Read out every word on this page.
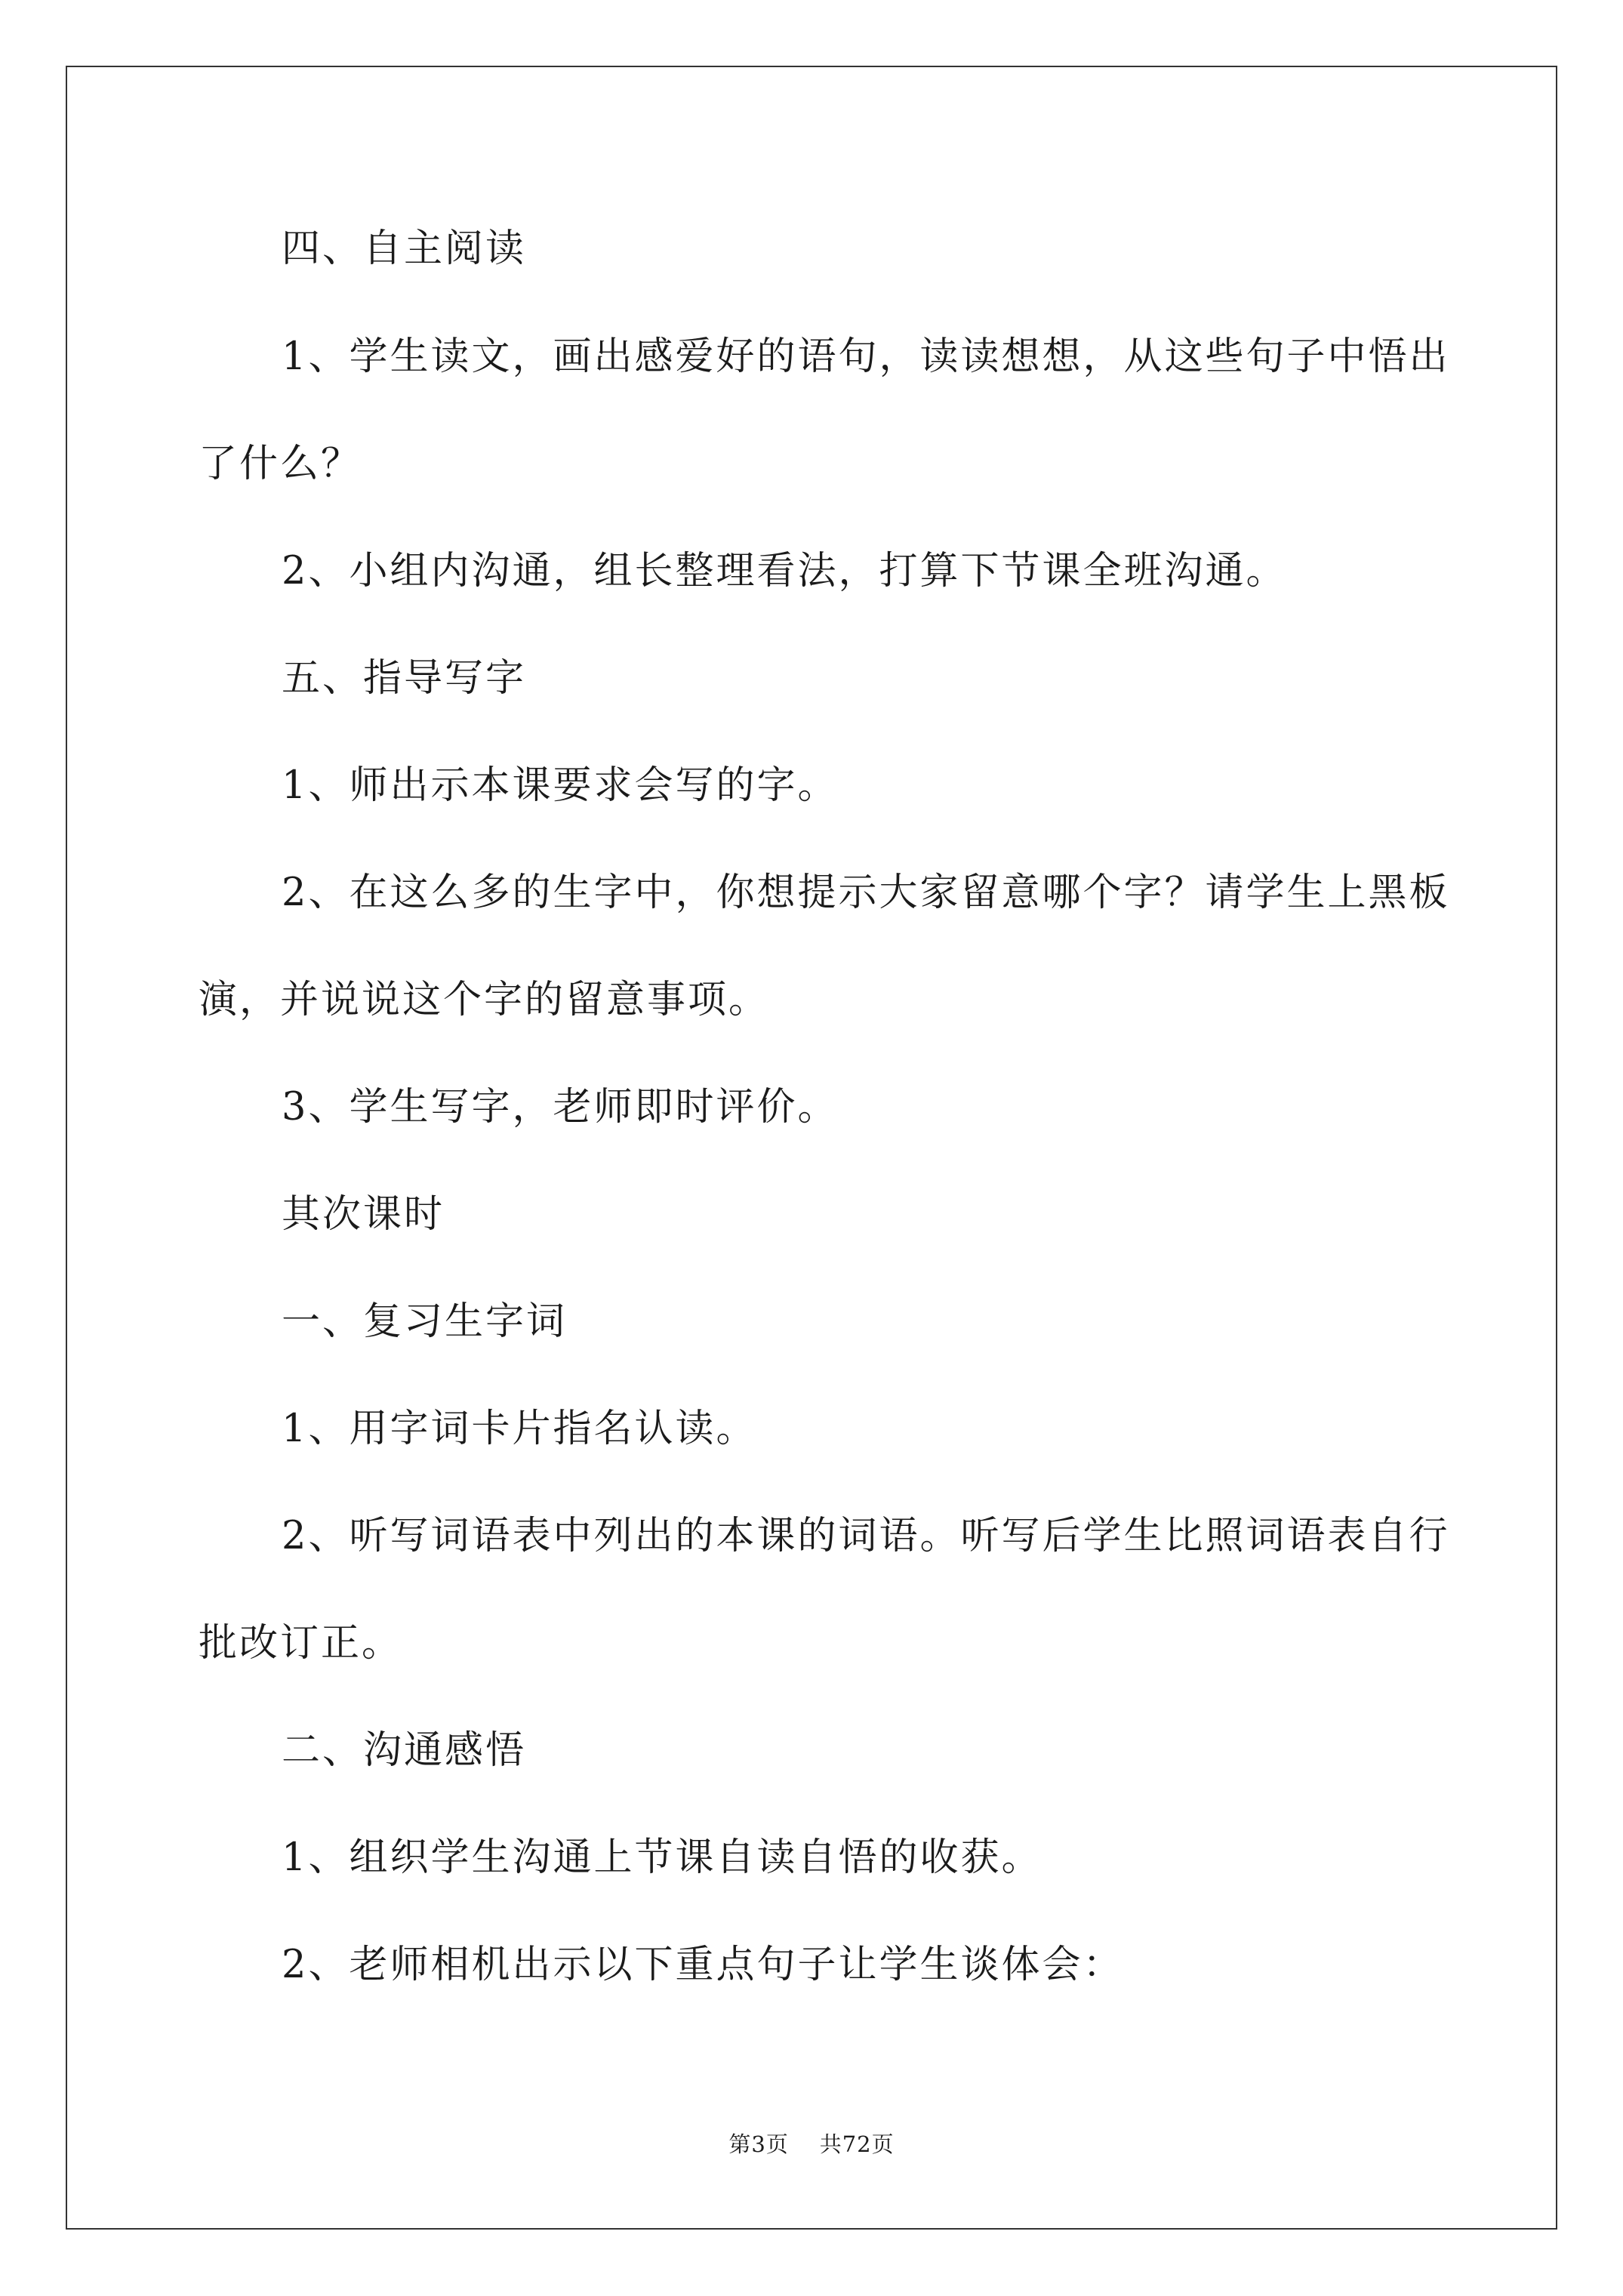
四、自主阅读
1、学生读文，画出感爱好的语句，读读想想，从这些句子中悟出
了什么？
2、小组内沟通，组长整理看法，打算下节课全班沟通。
五、指导写字
1、师出示本课要求会写的字。
2、在这么多的生字中，你想提示大家留意哪个字？请学生上黑板
演，并说说这个字的留意事项。
3、学生写字，老师即时评价。
其次课时
一、复习生字词
1、用字词卡片指名认读。
2、听写词语表中列出的本课的词语。听写后学生比照词语表自行
批改订正。
二、沟通感悟
1、组织学生沟通上节课自读自悟的收获。
2、老师相机出示以下重点句子让学生谈体会：
第3页 共72页
